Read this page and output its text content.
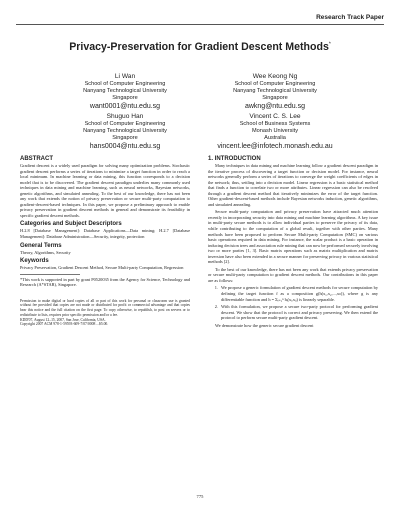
Research Track Paper
Privacy-Preservation for Gradient Descent Methods*
Li Wan
School of Computer Engineering
Nanyang Technological University
Singapore
want0001@ntu.edu.sg
Wee Keong Ng
School of Computer Engineering
Nanyang Technological University
Singapore
awkng@ntu.edu.sg
Shuguo Han
School of Computer Engineering
Nanyang Technological University
Singapore
hans0004@ntu.edu.sg
Vincent C. S. Lee
School of Business Systems
Monash University
Australia
vincent.lee@infotech.monash.edu.au
ABSTRACT

Gradient descent is a widely used paradigm for solving many optimization problems. Stochastic gradient descent performs a series of iterations to minimize a target function in order to reach a local minimum. In machine learning or data mining, this function corresponds to a decision model that is to be discovered. The gradient descent paradigm underlies many commonly used techniques in data mining and machine learning, such as neural networks, Bayesian networks, genetic algorithms, and simulated annealing. To the best of our knowledge, there has not been any work that extends the notion of privacy preservation or secure multi-party computation to gradient-descent-based techniques. In this paper, we propose a preliminary approach to enable privacy preservation in gradient descent methods in general and demonstrate its feasibility in specific gradient descent methods.

Categories and Subject Descriptors

H.2.8 [Database Management]: Database Applications—Data mining; H.2.7 [Database Management]: Database Administration—Security, integrity, protection

General Terms

Theory, Algorithms, Security

Keywords

Privacy Preservation, Gradient Descent Method, Secure Multi-party Computation, Regression

*This work is supported in part by grant P0520035 from the Agency for Science, Technology and Research (A*STAR), Singapore.

Permission to make digital or hard copies of all or part of this work for personal or classroom use is granted without fee provided that copies are not made or distributed for profit or commercial advantage and that copies bear this notice and the full citation on the first page. To copy otherwise, to republish, to post on servers or to redistribute to lists, requires prior specific permission and/or a fee.
KDD'07, August 12–15, 2007, San Jose, California, USA.
Copyright 2007 ACM 978-1-59593-609-7/07/0008 ...$5.00.
1. INTRODUCTION

Many techniques in data mining and machine learning follow a gradient descent paradigm in the iterative process of discovering a target function or decision model. For instance, neural networks generally perform a series of iterations to converge the weight coefficients of edges in the network; thus, settling into a decision model. Linear regression is a basic statistical method that finds a function to correlate two or more attributes. Linear regression can also be resolved through a gradient descent method that iteratively minimizes the error of the target function. Other gradient-descent-based methods include Bayesian networks induction, genetic algorithms, and simulated annealing.

Secure multi-party computation and privacy preservation have attracted much attention recently in incorporating security into data mining and machine learning algorithms. A key issue in multi-party secure methods is to allow individual parties to preserve the privacy of its data, while contributing to the computation of a global result, together with other parties. Many methods have been proposed to perform Secure Multi-party Computation (SMC) on various basic operations required in data mining. For instance, the scalar product is a basic operation in inducing decision trees and association rule mining that can now be performed securely involving two or more parties [1, 3]. Basic matrix operations such as matrix multiplication and matrix inversion have also been extended in a secure manner for preserving privacy in various statistical methods [2].

To the best of our knowledge, there has not been any work that extends privacy preservation or secure multi-party computation to gradient descent methods. Our contributions in this paper are as follows:

1. We propose a generic formulation of gradient descent methods for secure computation by defining the target function f as a composition g(h(x₁,x₂,...,xₙ)), where g is any differentiable function and h = Σᵢ₌₁ⁿ hᵢ(xᵢ,xᵢᵢ) is linearly separable.
2. With this formulation, we propose a secure two-party protocol for performing gradient descent. We show that the protocol is correct and privacy preserving. We then extend the protocol to perform secure multi-party gradient descent.

We demonstrate how the generic secure gradient descent

775
